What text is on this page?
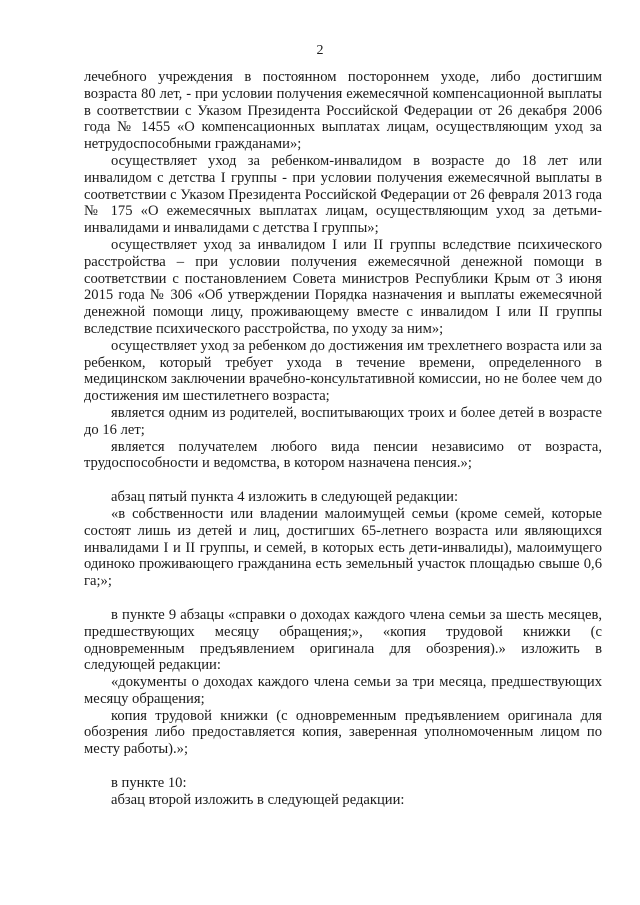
2

лечебного учреждения в постоянном постороннем уходе, либо достигшим возраста 80 лет, - при условии получения ежемесячной компенсационной выплаты в соответствии с Указом Президента Российской Федерации от 26 декабря 2006 года № 1455 «О компенсационных выплатах лицам, осуществляющим уход за нетрудоспособными гражданами»;

осуществляет уход за ребенком-инвалидом в возрасте до 18 лет или инвалидом с детства I группы - при условии получения ежемесячной выплаты в соответствии с Указом Президента Российской Федерации от 26 февраля 2013 года № 175 «О ежемесячных выплатах лицам, осуществляющим уход за детьми-инвалидами и инвалидами с детства I группы»;

осуществляет уход за инвалидом I или II группы вследствие психического расстройства – при условии получения ежемесячной денежной помощи в соответствии с постановлением Совета министров Республики Крым от 3 июня 2015 года № 306 «Об утверждении Порядка назначения и выплаты ежемесячной денежной помощи лицу, проживающему вместе с инвалидом I или II группы вследствие психического расстройства, по уходу за ним»;

осуществляет уход за ребенком до достижения им трехлетнего возраста или за ребенком, который требует ухода в течение времени, определенного в медицинском заключении врачебно-консультативной комиссии, но не более чем до достижения им шестилетнего возраста;

является одним из родителей, воспитывающих троих и более детей в возрасте до 16 лет;

является получателем любого вида пенсии независимо от возраста, трудоспособности и ведомства, в котором назначена пенсия.»;

абзац пятый пункта 4 изложить в следующей редакции:

«в собственности или владении малоимущей семьи (кроме семей, которые состоят лишь из детей и лиц, достигших 65-летнего возраста или являющихся инвалидами I и II группы, и семей, в которых есть дети-инвалиды), малоимущего одиноко проживающего гражданина есть земельный участок площадью свыше 0,6 га;»;

в пункте 9 абзацы «справки о доходах каждого члена семьи за шесть месяцев, предшествующих месяцу обращения;», «копия трудовой книжки (с одновременным предъявлением оригинала для обозрения).» изложить в следующей редакции:

«документы о доходах каждого члена семьи за три месяца, предшествующих месяцу обращения;

копия трудовой книжки (с одновременным предъявлением оригинала для обозрения либо предоставляется копия, заверенная уполномоченным лицом по месту работы).»;

в пункте 10:

абзац второй изложить в следующей редакции:
